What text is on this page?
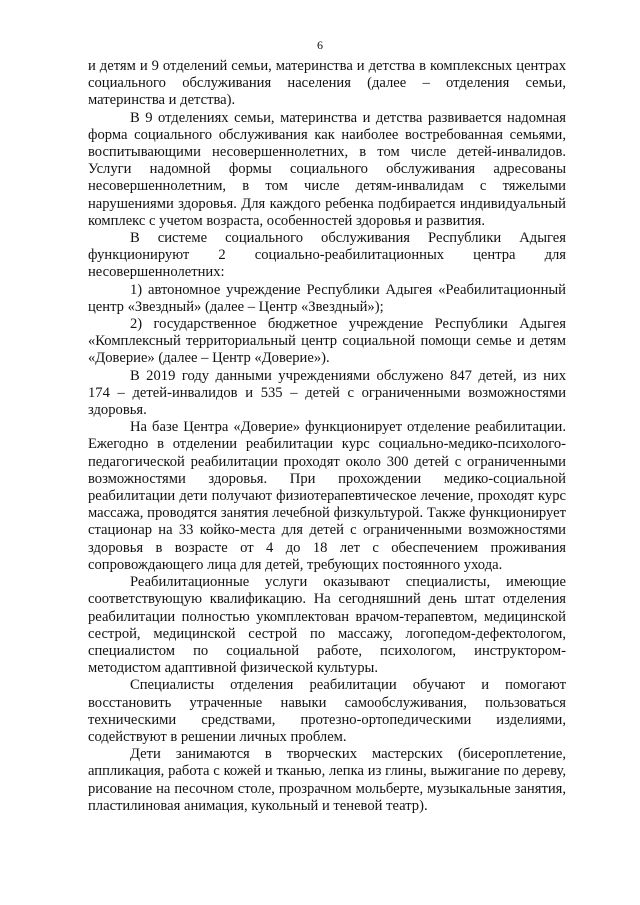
6

и детям и 9 отделений семьи, материнства и детства в комплексных центрах социального обслуживания населения (далее – отделения семьи, материнства и детства).

В 9 отделениях семьи, материнства и детства развивается надомная форма социального обслуживания как наиболее востребованная семьями, воспитывающими несовершеннолетних, в том числе детей-инвалидов. Услуги надомной формы социального обслуживания адресованы несовершеннолетним, в том числе детям-инвалидам с тяжелыми нарушениями здоровья. Для каждого ребенка подбирается индивидуальный комплекс с учетом возраста, особенностей здоровья и развития.

В системе социального обслуживания Республики Адыгея функционируют 2 социально-реабилитационных центра для несовершеннолетних:

1) автономное учреждение Республики Адыгея «Реабилитационный центр «Звездный» (далее – Центр «Звездный»);

2) государственное бюджетное учреждение Республики Адыгея «Комплексный территориальный центр социальной помощи семье и детям «Доверие» (далее – Центр «Доверие»).

В 2019 году данными учреждениями обслужено 847 детей, из них 174 – детей-инвалидов и 535 – детей с ограниченными возможностями здоровья.

На базе Центра «Доверие» функционирует отделение реабилитации. Ежегодно в отделении реабилитации курс социально-медико-психолого-педагогической реабилитации проходят около 300 детей с ограниченными возможностями здоровья. При прохождении медико-социальной реабилитации дети получают физиотерапевтическое лечение, проходят курс массажа, проводятся занятия лечебной физкультурой. Также функционирует стационар на 33 койко-места для детей с ограниченными возможностями здоровья в возрасте от 4 до 18 лет с обеспечением проживания сопровождающего лица для детей, требующих постоянного ухода.

Реабилитационные услуги оказывают специалисты, имеющие соответствующую квалификацию. На сегодняшний день штат отделения реабилитации полностью укомплектован врачом-терапевтом, медицинской сестрой, медицинской сестрой по массажу, логопедом-дефектологом, специалистом по социальной работе, психологом, инструктором-методистом адаптивной физической культуры.

Специалисты отделения реабилитации обучают и помогают восстановить утраченные навыки самообслуживания, пользоваться техническими средствами, протезно-ортопедическими изделиями, содействуют в решении личных проблем.

Дети занимаются в творческих мастерских (бисероплетение, аппликация, работа с кожей и тканью, лепка из глины, выжигание по дереву, рисование на песочном столе, прозрачном мольберте, музыкальные занятия, пластилиновая анимация, кукольный и теневой театр).
